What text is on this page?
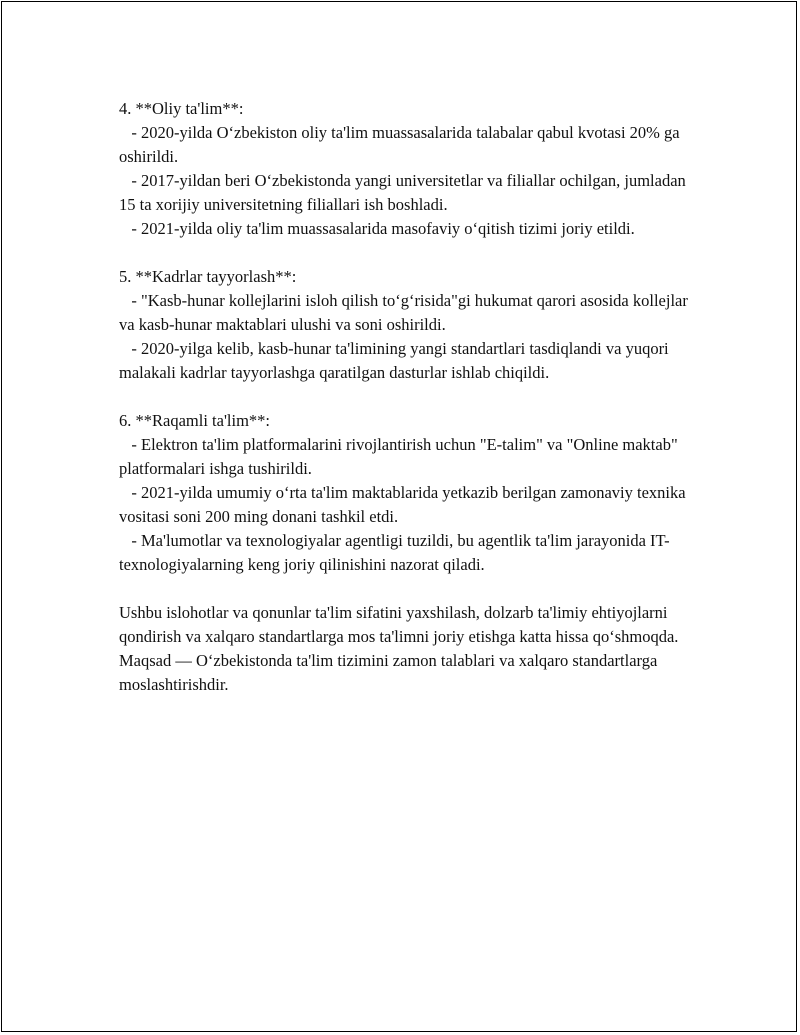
4. **Oliy ta'lim**:

- 2020-yilda O‘zbekiston oliy ta'lim muassasalarida talabalar qabul kvotasi 20% ga oshirildi.

- 2017-yildan beri O‘zbekistonda yangi universitetlar va filiallar ochilgan, jumladan 15 ta xorijiy universitetning filiallari ish boshladi.

- 2021-yilda oliy ta'lim muassasalarida masofaviy o‘qitish tizimi joriy etildi.

5. **Kadrlar tayyorlash**:

- "Kasb-hunar kollejlarini isloh qilish to‘g‘risida"gi hukumat qarori asosida kollejlar va kasb-hunar maktablari ulushi va soni oshirildi.

- 2020-yilga kelib, kasb-hunar ta'limining yangi standartlari tasdiqlandi va yuqori malakali kadrlar tayyorlashga qaratilgan dasturlar ishlab chiqildi.

6. **Raqamli ta'lim**:

- Elektron ta'lim platformalarini rivojlantirish uchun "E-talim" va "Online maktab" platformalari ishga tushirildi.

- 2021-yilda umumiy o‘rta ta'lim maktablarida yetkazib berilgan zamonaviy texnika vositasi soni 200 ming donani tashkil etdi.

- Ma'lumotlar va texnologiyalar agentligi tuzildi, bu agentlik ta'lim jarayonida IT-texnologiyalarning keng joriy qilinishini nazorat qiladi.

Ushbu islohotlar va qonunlar ta'lim sifatini yaxshilash, dolzarb ta'limiy ehtiyojlarni qondirish va xalqaro standartlarga mos ta'limni joriy etishga katta hissa qo‘shmoqda. Maqsad — O‘zbekistonda ta'lim tizimini zamon talablari va xalqaro standartlarga moslashtirishdir.
